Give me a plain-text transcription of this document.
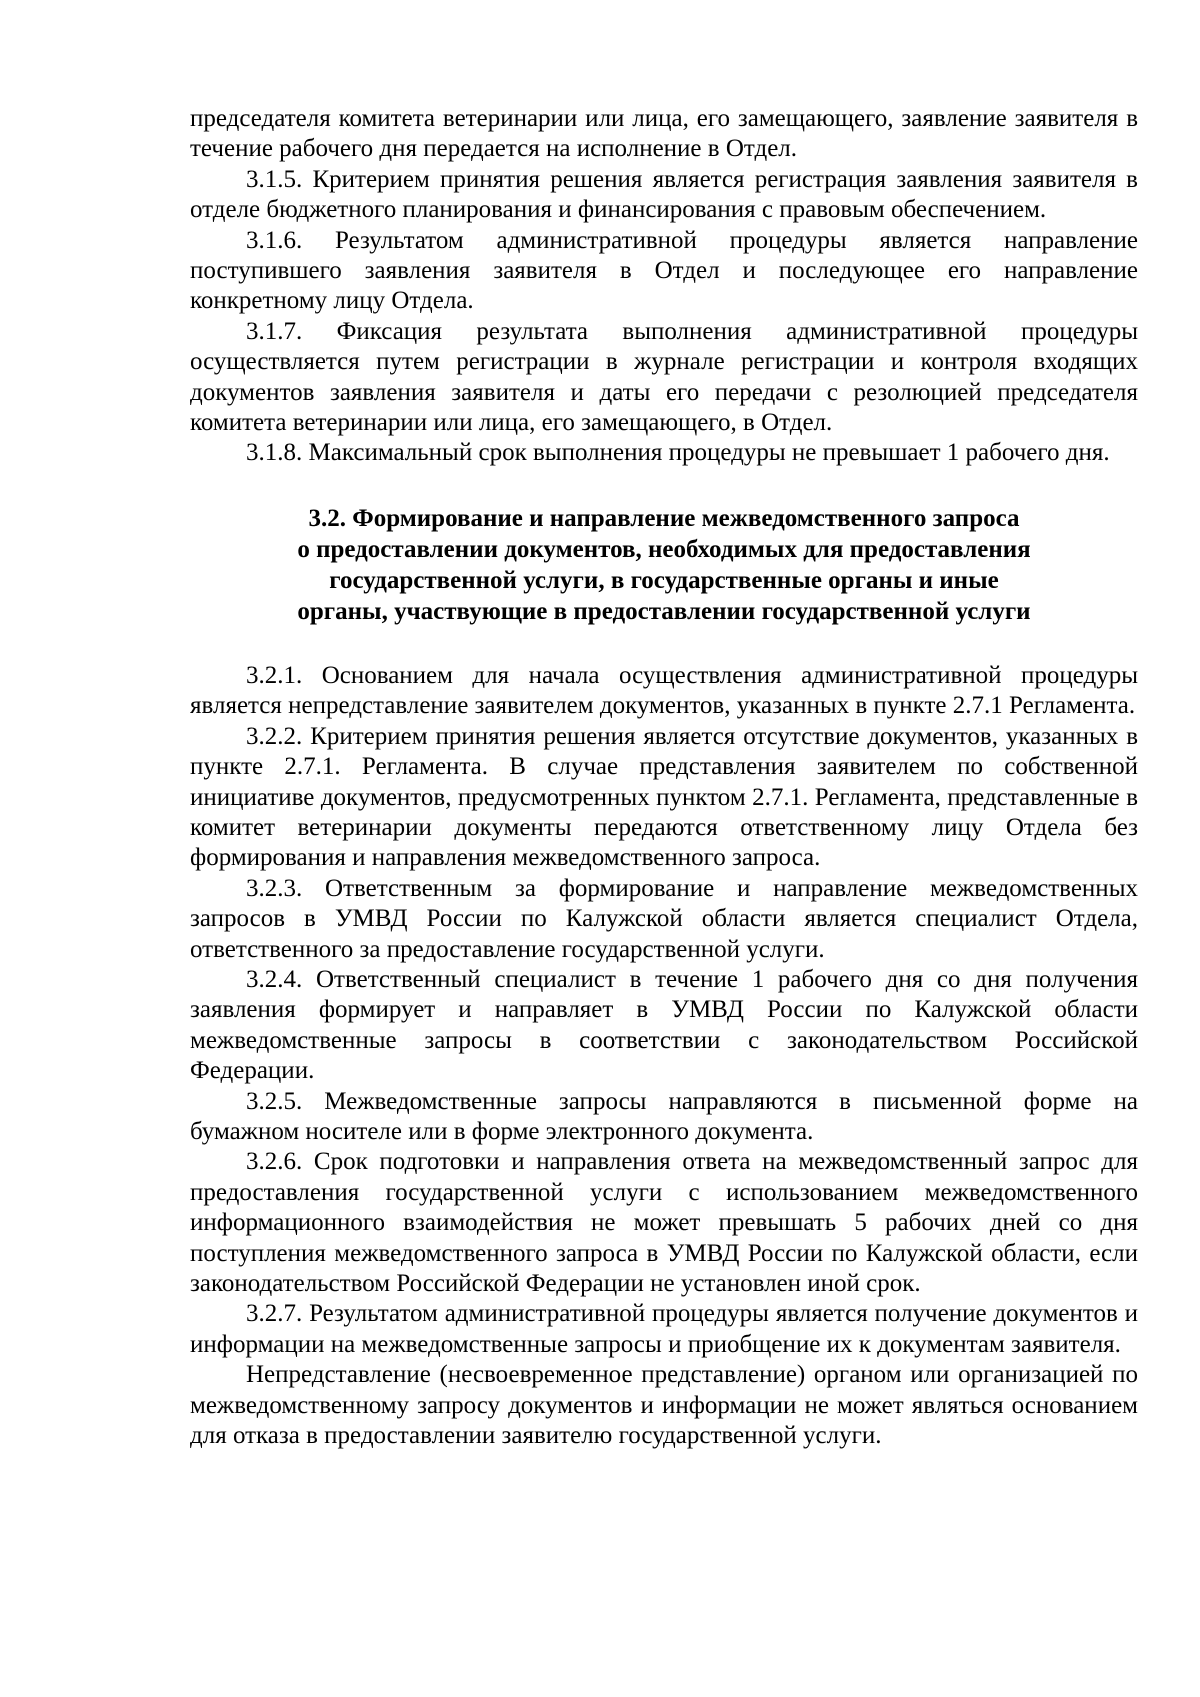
председателя комитета ветеринарии или лица, его замещающего, заявление заявителя в течение рабочего дня передается на исполнение в Отдел.

3.1.5. Критерием принятия решения является регистрация заявления заявителя в отделе бюджетного планирования и финансирования с правовым обеспечением.

3.1.6. Результатом административной процедуры является направление поступившего заявления заявителя в Отдел и последующее его направление конкретному лицу Отдела.

3.1.7. Фиксация результата выполнения административной процедуры осуществляется путем регистрации в журнале регистрации и контроля входящих документов заявления заявителя и даты его передачи с резолюцией председателя комитета ветеринарии или лица, его замещающего, в Отдел.

3.1.8. Максимальный срок выполнения процедуры не превышает 1 рабочего дня.

3.2. Формирование и направление межведомственного запроса
о предоставлении документов, необходимых для предоставления
государственной услуги, в государственные органы и иные
органы, участвующие в предоставлении государственной услуги

3.2.1. Основанием для начала осуществления административной процедуры является непредставление заявителем документов, указанных в пункте 2.7.1 Регламента.

3.2.2. Критерием принятия решения является отсутствие документов, указанных в пункте 2.7.1. Регламента. В случае представления заявителем по собственной инициативе документов, предусмотренных пунктом 2.7.1. Регламента, представленные в комитет ветеринарии документы передаются ответственному лицу Отдела без формирования и направления межведомственного запроса.

3.2.3. Ответственным за формирование и направление межведомственных запросов в УМВД России по Калужской области является специалист Отдела, ответственного за предоставление государственной услуги.

3.2.4. Ответственный специалист в течение 1 рабочего дня со дня получения заявления формирует и направляет в УМВД России по Калужской области межведомственные запросы в соответствии с законодательством Российской Федерации.

3.2.5. Межведомственные запросы направляются в письменной форме на бумажном носителе или в форме электронного документа.

3.2.6. Срок подготовки и направления ответа на межведомственный запрос для предоставления государственной услуги с использованием межведомственного информационного взаимодействия не может превышать 5 рабочих дней со дня поступления межведомственного запроса в УМВД России по Калужской области, если законодательством Российской Федерации не установлен иной срок.

3.2.7. Результатом административной процедуры является получение документов и информации на межведомственные запросы и приобщение их к документам заявителя.

Непредставление (несвоевременное представление) органом или организацией по межведомственному запросу документов и информации не может являться основанием для отказа в предоставлении заявителю государственной услуги.
